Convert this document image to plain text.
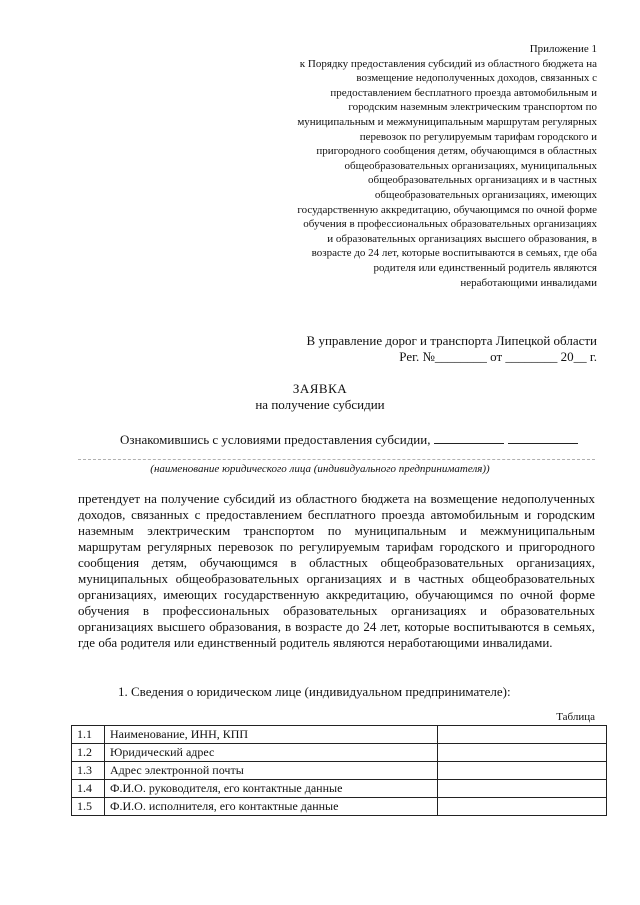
Приложение 1
к Порядку предоставления субсидий из областного бюджета на возмещение недополученных доходов, связанных с предоставлением бесплатного проезда автомобильным и городским наземным электрическим транспортом по муниципальным и межмуниципальным маршрутам регулярных перевозок по регулируемым тарифам городского и пригородного сообщения детям, обучающимся в областных общеобразовательных организациях, муниципальных общеобразовательных организациях и в частных общеобразовательных организациях, имеющих государственную аккредитацию, обучающимся по очной форме обучения в профессиональных образовательных организациях и образовательных организациях высшего образования, в возрасте до 24 лет, которые воспитываются в семьях, где оба родителя или единственный родитель являются неработающими инвалидами
В управление дорог и транспорта Липецкой области
Рег. №________ от ________ 20__ г.
ЗАЯВКА
на получение субсидии
Ознакомившись с условиями предоставления субсидии,
(наименование юридического лица (индивидуального предпринимателя))
претендует на получение субсидий из областного бюджета на возмещение недополученных доходов, связанных с предоставлением бесплатного проезда автомобильным и городским наземным электрическим транспортом по муниципальным и межмуниципальным маршрутам регулярных перевозок по регулируемым тарифам городского и пригородного сообщения детям, обучающимся в областных общеобразовательных организациях, муниципальных общеобразовательных организациях и в частных общеобразовательных организациях, имеющих государственную аккредитацию, обучающимся по очной форме обучения в профессиональных образовательных организациях и образовательных организациях высшего образования, в возрасте до 24 лет, которые воспитываются в семьях, где оба родителя или единственный родитель являются неработающими инвалидами.
1. Сведения о юридическом лице (индивидуальном предпринимателе):
Таблица
1.1	Наименование, ИНН, КПП	
1.2	Юридический адрес	
1.3	Адрес электронной почты	
1.4	Ф.И.О. руководителя, его контактные данные	
1.5	Ф.И.О. исполнителя, его контактные данные	
